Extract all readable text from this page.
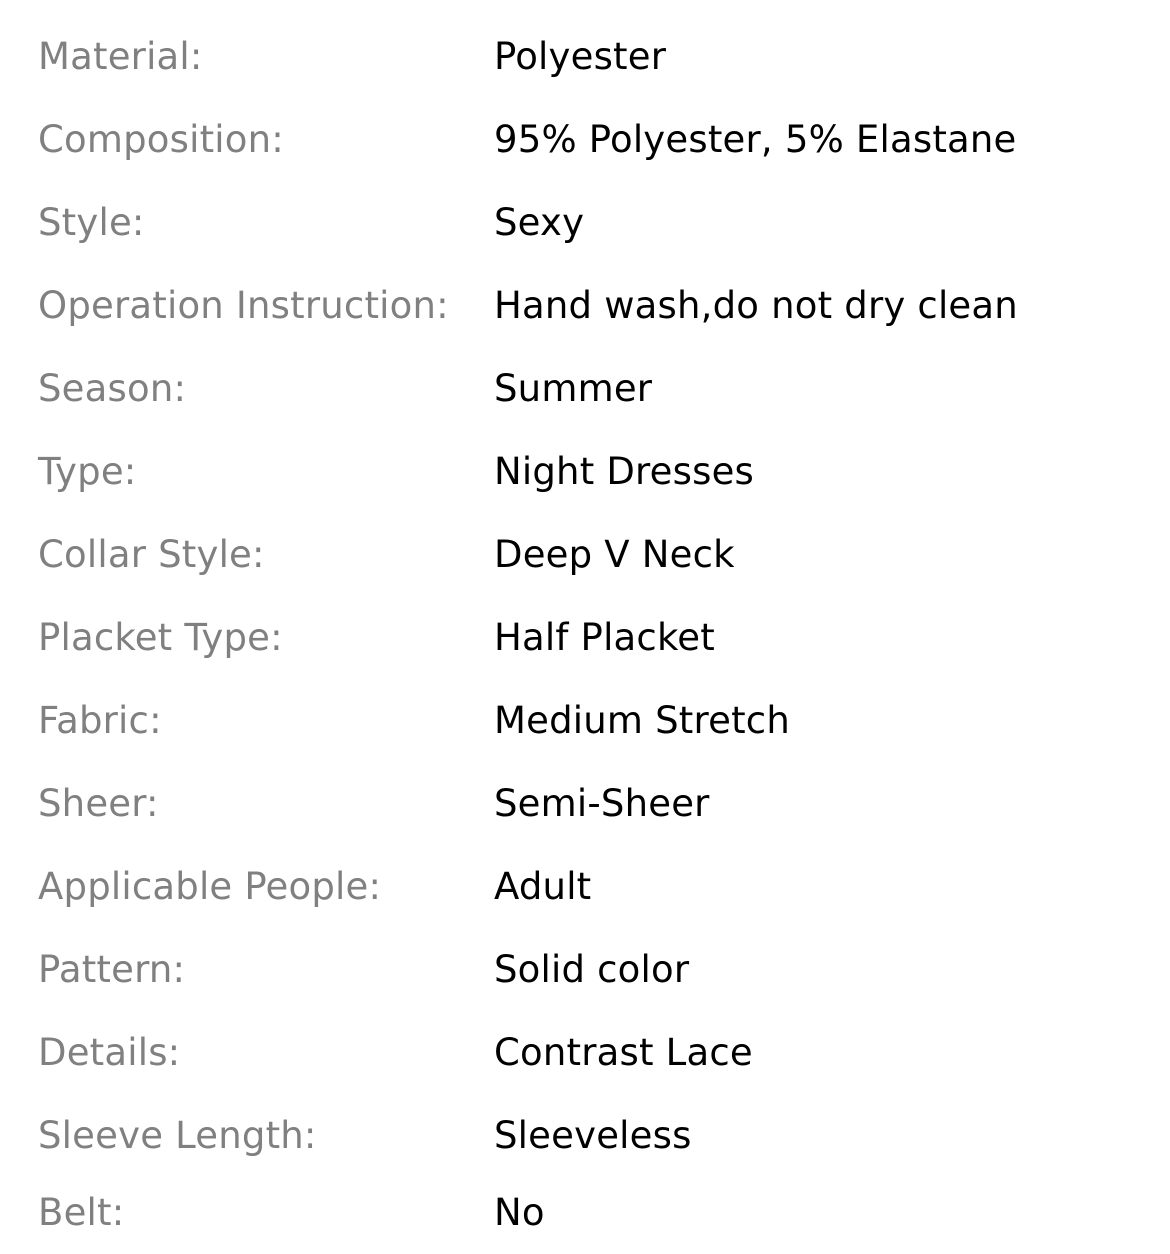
Material:	Polyester
Composition:	95% Polyester, 5% Elastane
Style:	Sexy
Operation Instruction: Hand wash,do not dry clean
Season:	Summer
Type:	Night Dresses
Collar Style:	Deep V Neck
Placket Type:	Half Placket
Fabric:	Medium Stretch
Sheer:	Semi-Sheer
Applicable People:	Adult
Pattern:	Solid color
Details:	Contrast Lace
Sleeve Length:	Sleeveless
Belt:	No
